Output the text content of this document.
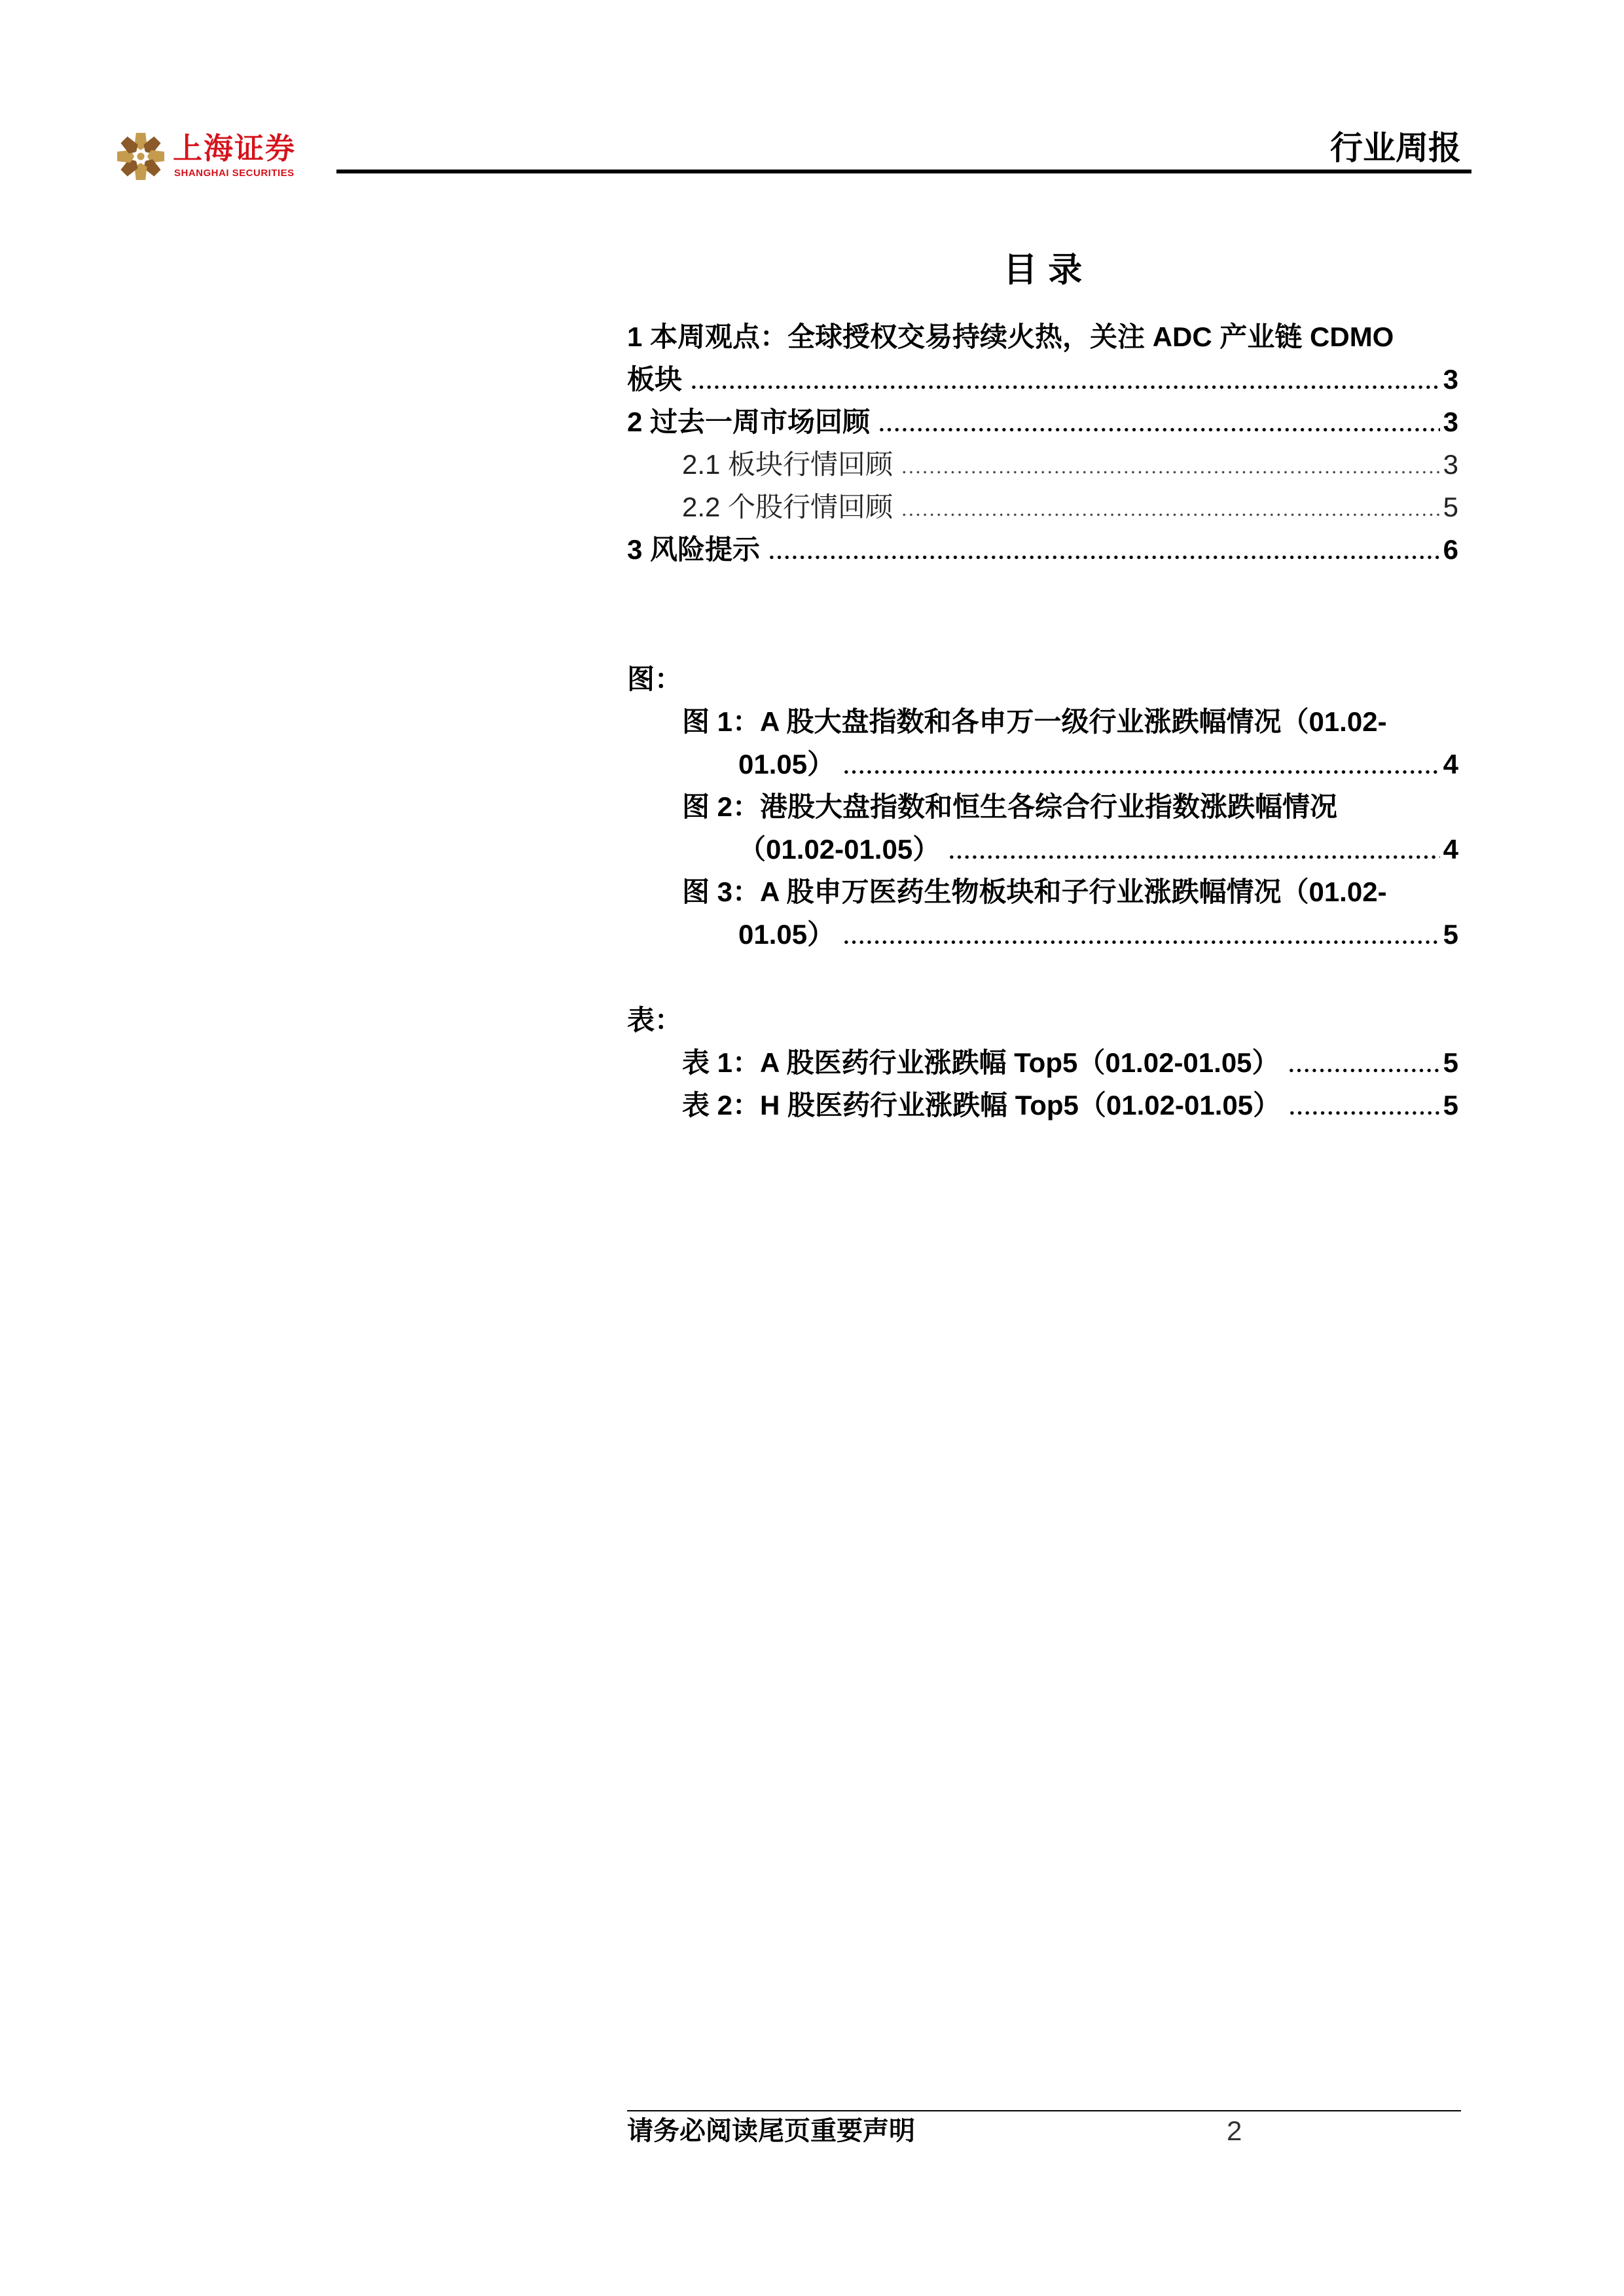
上海证券
SHANGHAI SECURITIES
行业周报
目录
1 本周观点：全球授权交易持续火热，关注 ADC 产业链 CDMO
板块	3
2 过去一周市场回顾	3
2.1 板块行情回顾	3
2.2 个股行情回顾	5
3 风险提示	6
图：
图 1：A 股大盘指数和各申万一级行业涨跌幅情况（01.02-
01.05）	4
图 2：港股大盘指数和恒生各综合行业指数涨跌幅情况
（01.02-01.05）	4
图 3：A 股申万医药生物板块和子行业涨跌幅情况（01.02-
01.05）	5
表：
表 1：A 股医药行业涨跌幅 Top5（01.02-01.05）	5
表 2：H 股医药行业涨跌幅 Top5（01.02-01.05）	5
请务必阅读尾页重要声明	2
